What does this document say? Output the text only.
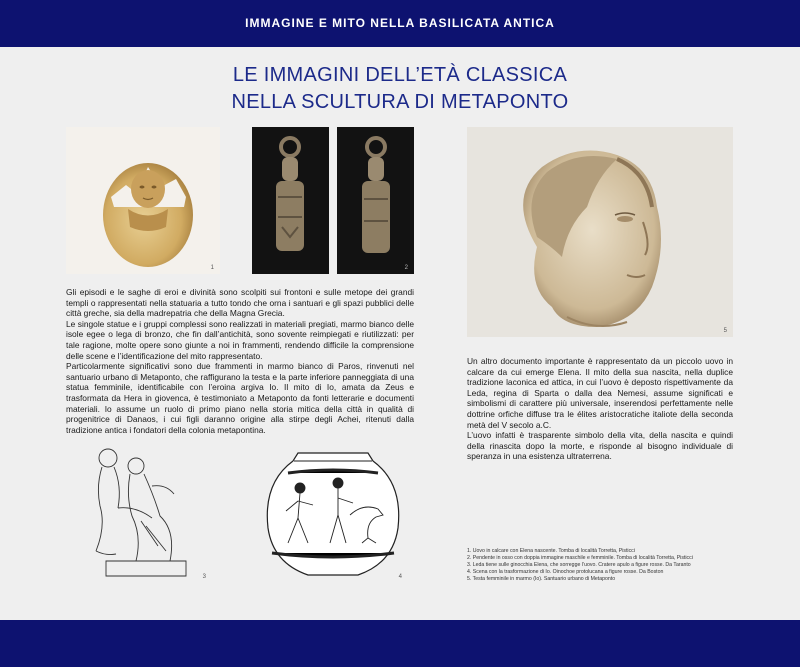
IMMAGINE E MITO NELLA BASILICATA ANTICA
LE IMMAGINI DELL’ETÀ CLASSICA
NELLA SCULTURA DI METAPONTO
1	2

Gli episodi e le saghe di eroi e divinità sono scolpiti sui frontoni e sulle metope dei grandi templi o rappresentati nella statuaria a tutto tondo che orna i santuari e gli spazi pubblici delle città greche, sia della madrepatria che della Magna Grecia.

Le singole statue e i gruppi complessi sono realizzati in materiali pregiati, marmo bianco delle isole egee o lega di bronzo, che fin dall’antichità, sono sovente reimpiegati e riutilizzati: per tale ragione, molte opere sono giunte a noi in frammenti, rendendo difficile la comprensione delle scene e l’identificazione del mito rappresentato.

Particolarmente significativi sono due frammenti in marmo bianco di Paros, rinvenuti nel santuario urbano di Metaponto, che raffigurano la testa e la parte inferiore panneggiata di una statua femminile, identificabile con l’eroina argiva Io. Il mito di Io, amata da Zeus e trasformata da Hera in giovenca, è testimoniato a Metaponto da fonti letterarie e documenti materiali. Io assume un ruolo di primo piano nella storia mitica della città in qualità di progenitrice di Danaos, i cui figli daranno origine alla stirpe degli Achei, ritenuti dalla tradizione antica i fondatori della colonia metapontina.

3	4
5

Un altro documento importante è rappresentato da un piccolo uovo in calcare da cui emerge Elena. Il mito della sua nascita, nella duplice tradizione laconica ed attica, in cui l’uovo è deposto rispettivamente da Leda, regina di Sparta o dalla dea Nemesi, assume significati e simbolismi di carattere più universale, inserendosi perfettamente nelle dottrine orfiche diffuse tra le élites aristocratiche italiote della seconda metà del V secolo a.C.

L’uovo infatti è trasparente simbolo della vita, della nascita e quindi della rinascita dopo la morte, e risponde al bisogno individuale di speranza in una esistenza ultraterrena.

1. Uovo in calcare con Elena nascente. Tomba di località Torretta, Pisticci
2. Pendente in osso con doppia immagine maschile e femminile. Tomba di località Torretta, Pisticci
3. Leda tiene sulle ginocchia Elena, che sorregge l’uovo. Cratere apulo a figure rosse. Da Taranto
4. Scena con la trasformazione di Io. Oinochoe protolucana a figure rosse. Da Boston
5. Testa femminile in marmo (Io). Santuario urbano di Metaponto
